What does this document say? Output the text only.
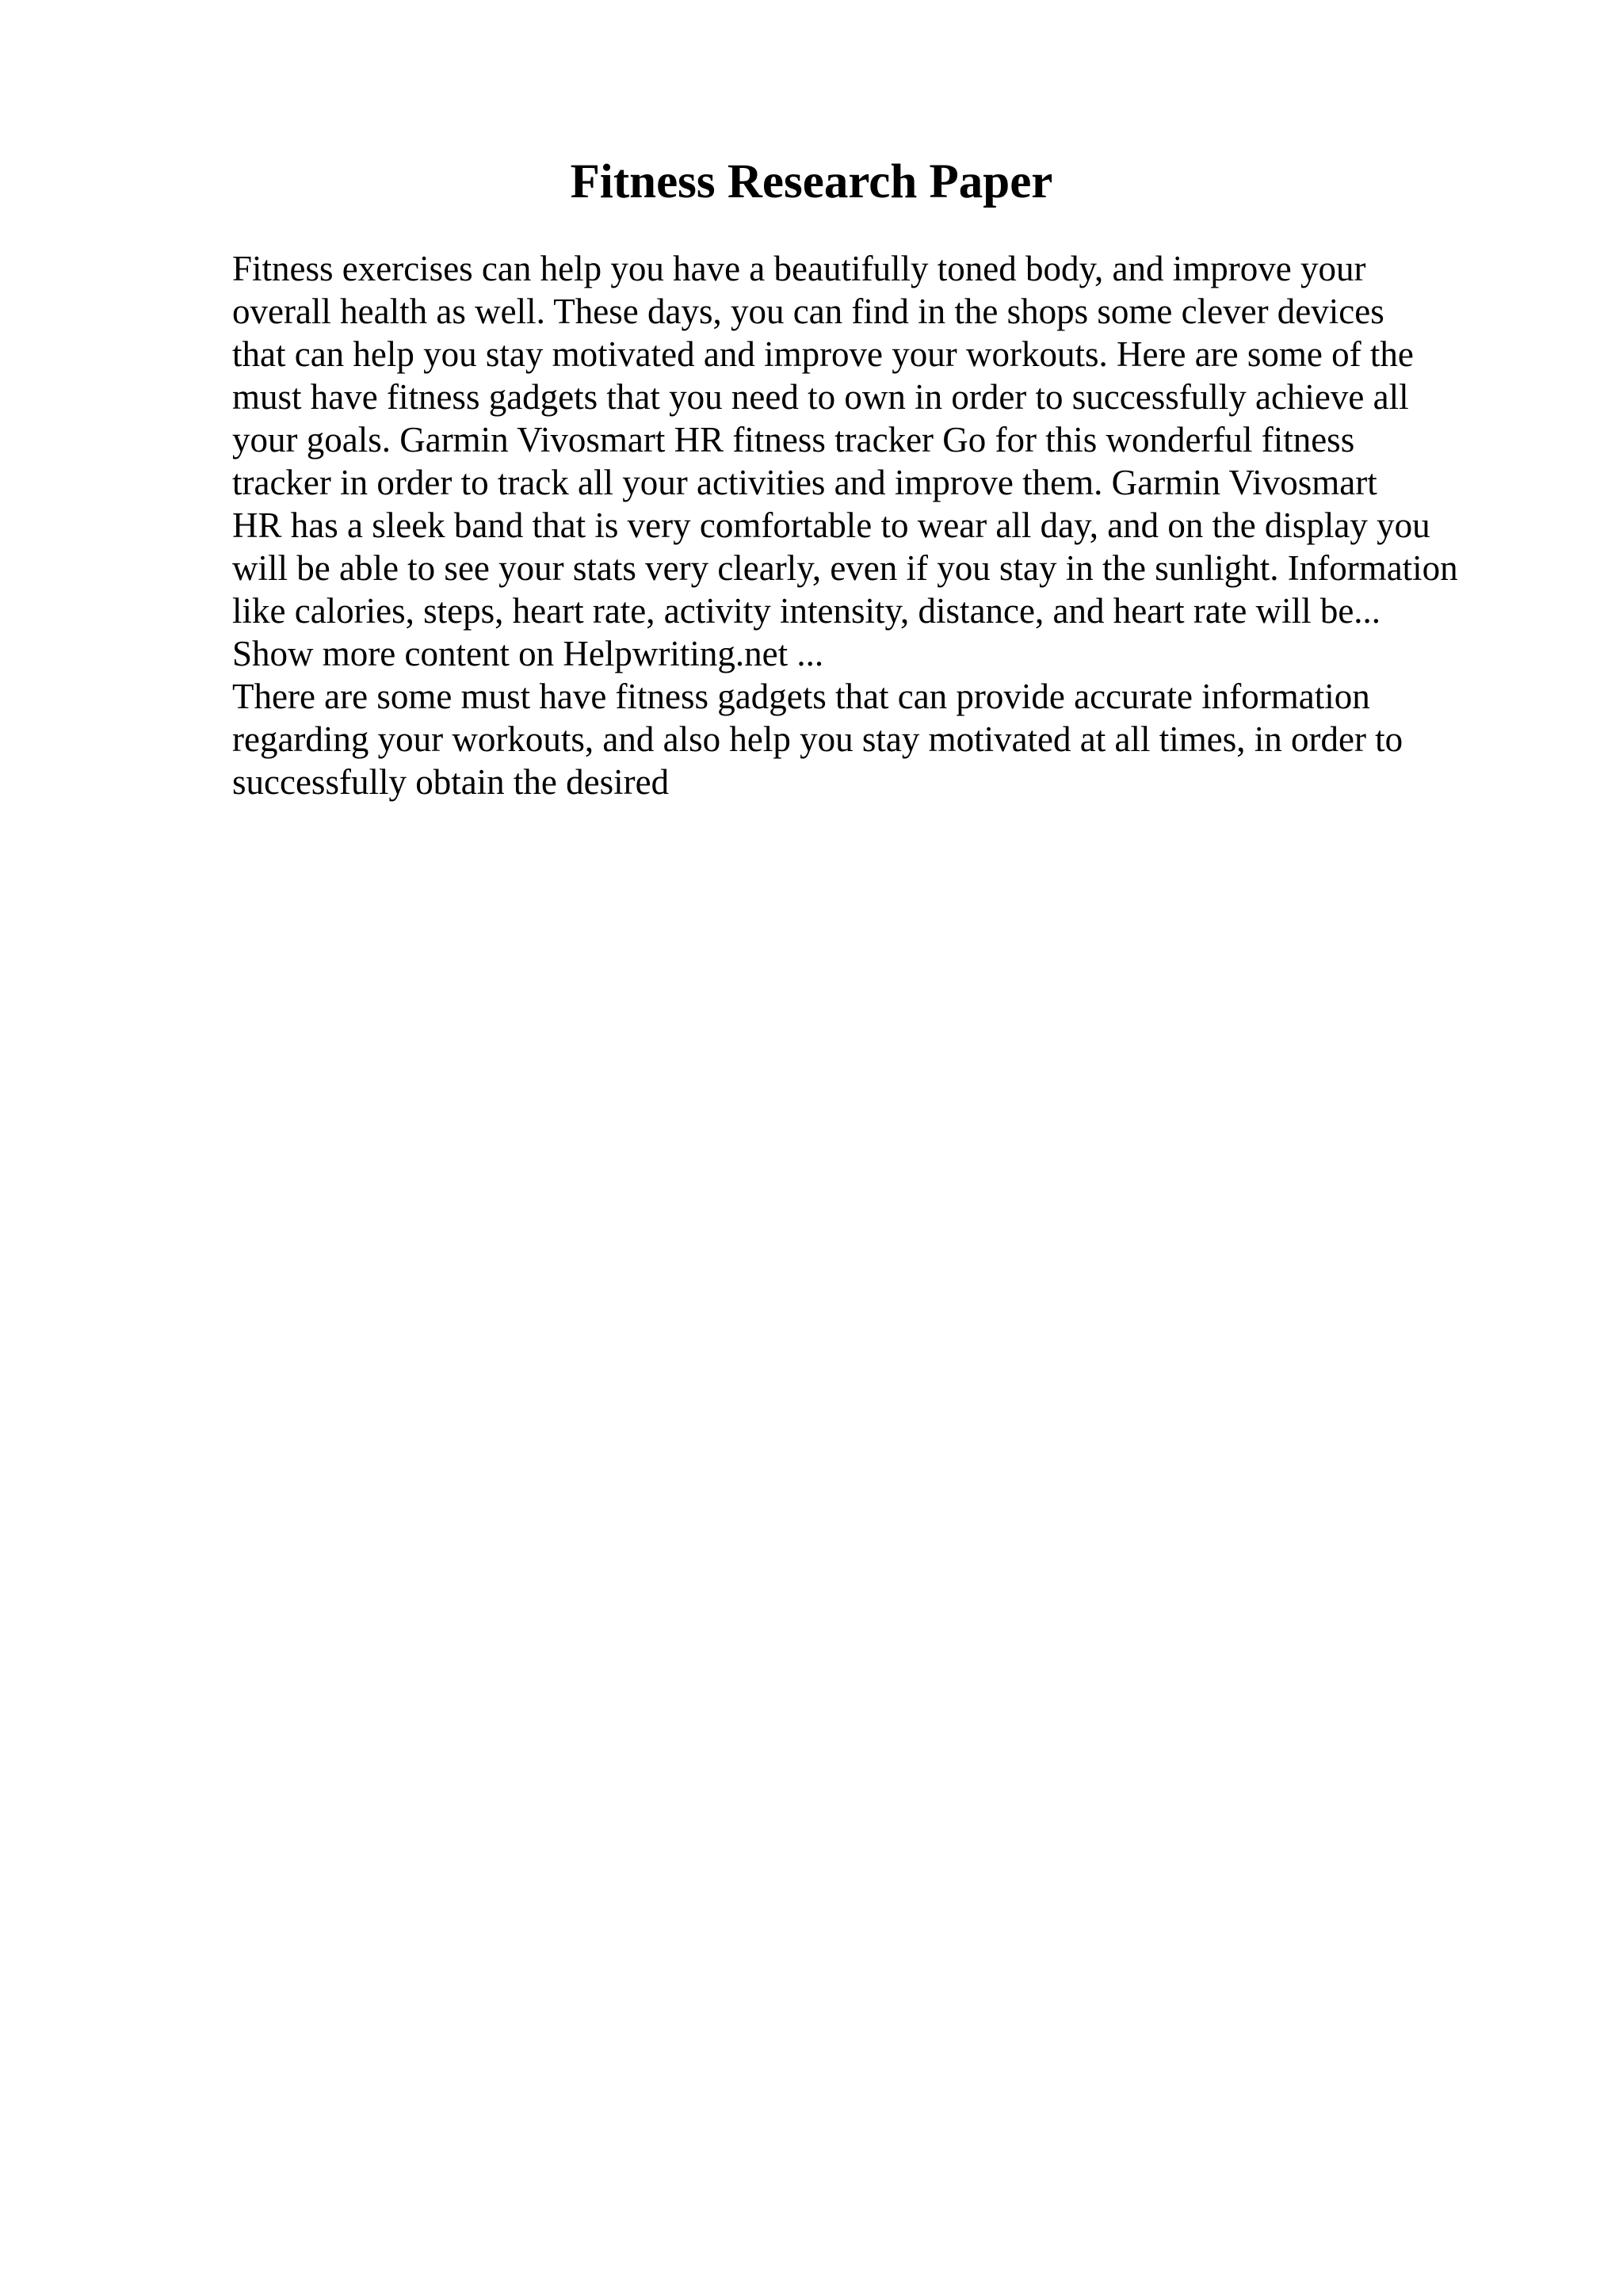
Fitness Research Paper
Fitness exercises can help you have a beautifully toned body, and improve your
overall health as well. These days, you can find in the shops some clever devices
that can help you stay motivated and improve your workouts. Here are some of the
must have fitness gadgets that you need to own in order to successfully achieve all
your goals. Garmin Vivosmart HR fitness tracker Go for this wonderful fitness
tracker in order to track all your activities and improve them. Garmin Vivosmart
HR has a sleek band that is very comfortable to wear all day, and on the display you
will be able to see your stats very clearly, even if you stay in the sunlight. Information
like calories, steps, heart rate, activity intensity, distance, and heart rate will be...
Show more content on Helpwriting.net ...
There are some must have fitness gadgets that can provide accurate information
regarding your workouts, and also help you stay motivated at all times, in order to
successfully obtain the desired
